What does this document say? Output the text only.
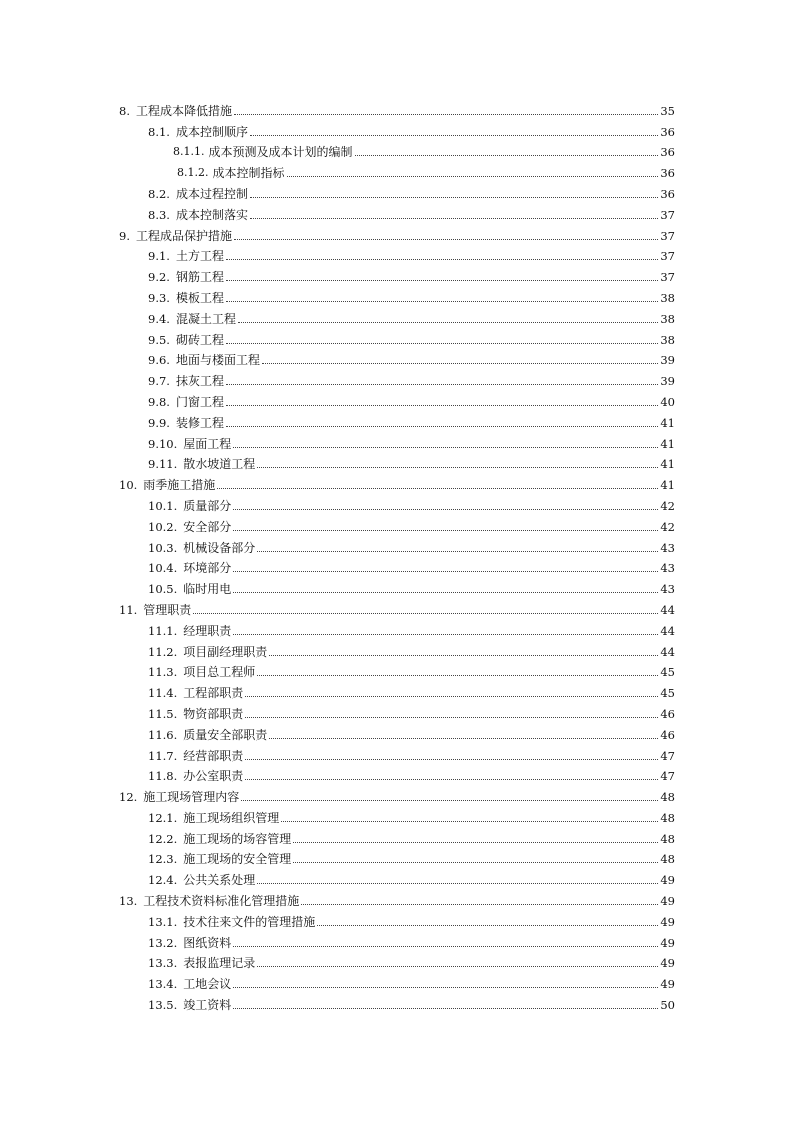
8. 工程成本降低措施	35
8.1. 成本控制顺序	36
8.1.1. 成本预测及成本计划的编制	36
8.1.2. 成本控制指标	36
8.2. 成本过程控制	36
8.3. 成本控制落实	37
9. 工程成品保护措施	37
9.1. 土方工程	37
9.2. 钢筋工程	37
9.3. 模板工程	38
9.4. 混凝土工程	38
9.5. 砌砖工程	38
9.6. 地面与楼面工程	39
9.7. 抹灰工程	39
9.8. 门窗工程	40
9.9. 装修工程	41
9.10. 屋面工程	41
9.11. 散水坡道工程	41
10. 雨季施工措施	41
10.1. 质量部分	42
10.2. 安全部分	42
10.3. 机械设备部分	43
10.4. 环境部分	43
10.5. 临时用电	43
11. 管理职责	44
11.1. 经理职责	44
11.2. 项目副经理职责	44
11.3. 项目总工程师	45
11.4. 工程部职责	45
11.5. 物资部职责	46
11.6. 质量安全部职责	46
11.7. 经营部职责	47
11.8. 办公室职责	47
12. 施工现场管理内容	48
12.1. 施工现场组织管理	48
12.2. 施工现场的场容管理	48
12.3. 施工现场的安全管理	48
12.4. 公共关系处理	49
13. 工程技术资料标准化管理措施	49
13.1. 技术往来文件的管理措施	49
13.2. 图纸资料	49
13.3. 表报监理记录	49
13.4. 工地会议	49
13.5. 竣工资料	50
